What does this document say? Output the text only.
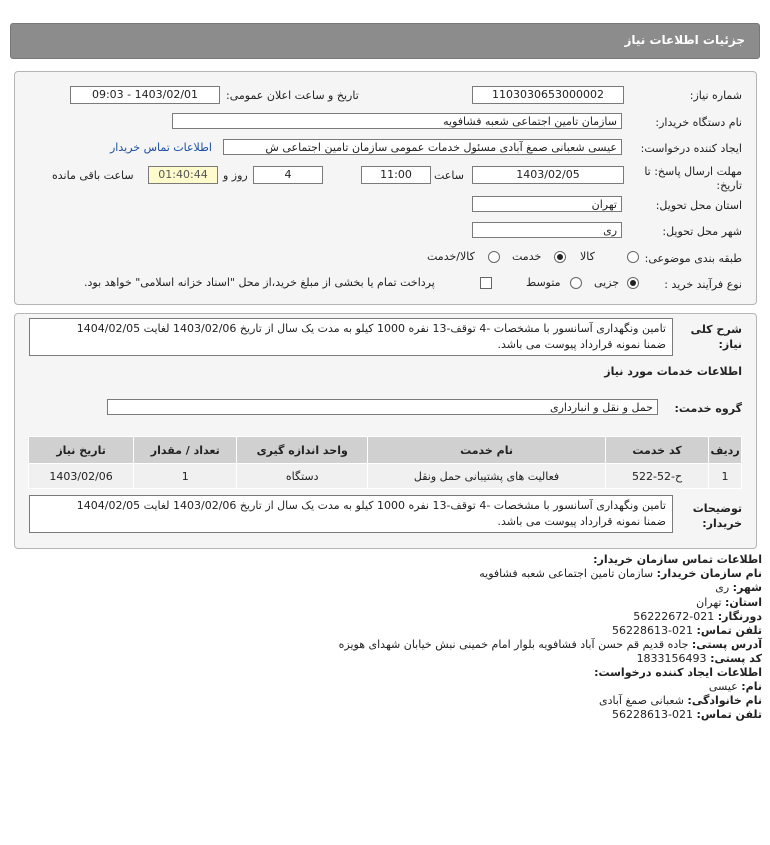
جزئیات اطلاعات نیاز
شماره نیاز:
1103030653000002
تاریخ و ساعت اعلان عمومی:
1403/02/01 - 09:03
نام دستگاه خریدار:
سازمان تامین اجتماعی شعبه فشافویه
ایجاد کننده درخواست:
عیسی شعبانی صمغ آبادی مسئول خدمات عمومی سازمان تامین اجتماعی ش
اطلاعات تماس خریدار
مهلت ارسال پاسخ: تا
تاریخ:
1403/02/05
ساعت
11:00
4
روز و
01:40:44
ساعت باقی مانده
استان محل تحویل:
تهران
شهر محل تحویل:
ری
طبقه بندی موضوعی:
کالا
خدمت
کالا/خدمت
نوع فرآیند خرید :
جزیی
متوسط
پرداخت تمام یا بخشی از مبلغ خرید،از محل "اسناد خزانه اسلامی" خواهد بود.
شرح کلی
نیاز:
تامین ونگهداری آسانسور با مشخصات -4 توقف-13 نفره 1000 کیلو به مدت یک سال از تاریخ 1403/02/06 لغایت 1404/02/05
ضمنا نمونه قرارداد پیوست می باشد.
اطلاعات خدمات مورد نیاز
گروه خدمت:
حمل و نقل و انبارداری
ردیف	کد خدمت	نام خدمت	واحد اندازه گیری	تعداد / مقدار	تاریخ نیاز
1	ح-52-522	فعالیت های پشتیبانی حمل ونقل	دستگاه	1	1403/02/06
توضیحات
خریدار:
تامین ونگهداری آسانسور با مشخصات -4 توقف-13 نفره 1000 کیلو به مدت یک سال از تاریخ 1403/02/06 لغایت 1404/02/05
ضمنا نمونه قرارداد پیوست می باشد.
اطلاعات تماس سازمان خریدار:
نام سازمان خریدار: سازمان تامین اجتماعی شعبه فشافویه
شهر: ری
استان: تهران
دورنگار: 021-56222672
تلفن تماس: 021-56228613
آدرس پستی: جاده قدیم قم حسن آباد فشافویه بلوار امام خمینی نبش خیابان شهدای هویزه
کد پستی: 1833156493
اطلاعات ایجاد کننده درخواست:
نام: عیسی
نام خانوادگی: شعبانی صمغ آبادی
تلفن تماس: 021-56228613
